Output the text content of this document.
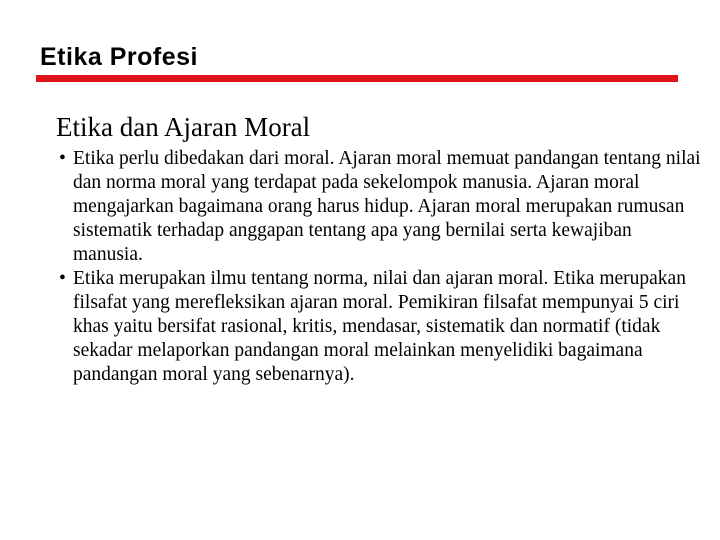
Etika Profesi
Etika dan Ajaran Moral
• Etika perlu dibedakan dari moral. Ajaran moral memuat pandangan tentang nilai dan norma moral yang terdapat pada sekelompok manusia. Ajaran moral mengajarkan bagaimana orang harus hidup. Ajaran moral merupakan rumusan sistematik terhadap anggapan tentang apa yang bernilai serta kewajiban manusia.
• Etika merupakan ilmu tentang norma, nilai dan ajaran moral. Etika merupakan filsafat yang merefleksikan ajaran moral. Pemikiran filsafat mempunyai 5 ciri khas yaitu bersifat rasional, kritis, mendasar, sistematik dan normatif (tidak sekadar melaporkan pandangan moral melainkan menyelidiki bagaimana pandangan moral yang sebenarnya).
